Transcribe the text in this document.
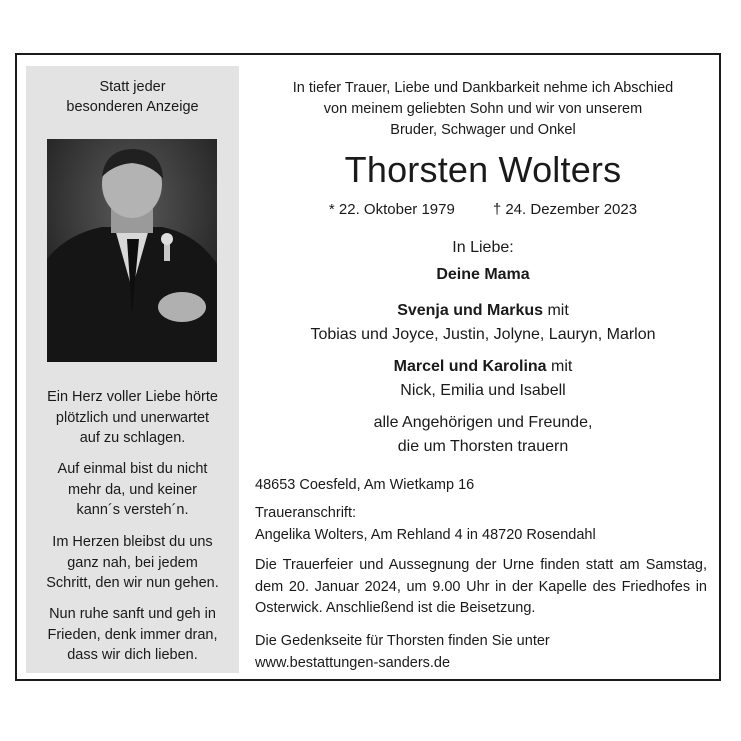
Statt jeder
besonderen Anzeige
Ein Herz voller Liebe hörte
plötzlich und unerwartet
auf zu schlagen.
Auf einmal bist du nicht
mehr da, und keiner
kann´s versteh´n.
Im Herzen bleibst du uns
ganz nah, bei jedem
Schritt, den wir nun gehen.
Nun ruhe sanft und geh in
Frieden, denk immer dran,
dass wir dich lieben.
In tiefer Trauer, Liebe und Dankbarkeit nehme ich Abschied
von meinem geliebten Sohn und wir von unserem
Bruder, Schwager und Onkel
Thorsten Wolters
* 22. Oktober 1979	† 24. Dezember 2023
In Liebe:
Deine Mama
Svenja und Markus mit
Tobias und Joyce, Justin, Jolyne, Lauryn, Marlon
Marcel und Karolina mit
Nick, Emilia und Isabell
alle Angehörigen und Freunde,
die um Thorsten trauern
48653 Coesfeld, Am Wietkamp 16
Traueranschrift:
Angelika Wolters, Am Rehland 4 in 48720 Rosendahl
Die Trauerfeier und Aussegnung der Urne finden statt am Samstag, dem 20. Januar 2024, um 9.00 Uhr in der Kapelle des Friedhofes in Osterwick. Anschließend ist die Beisetzung.
Die Gedenkseite für Thorsten finden Sie unter
www.bestattungen-sanders.de
